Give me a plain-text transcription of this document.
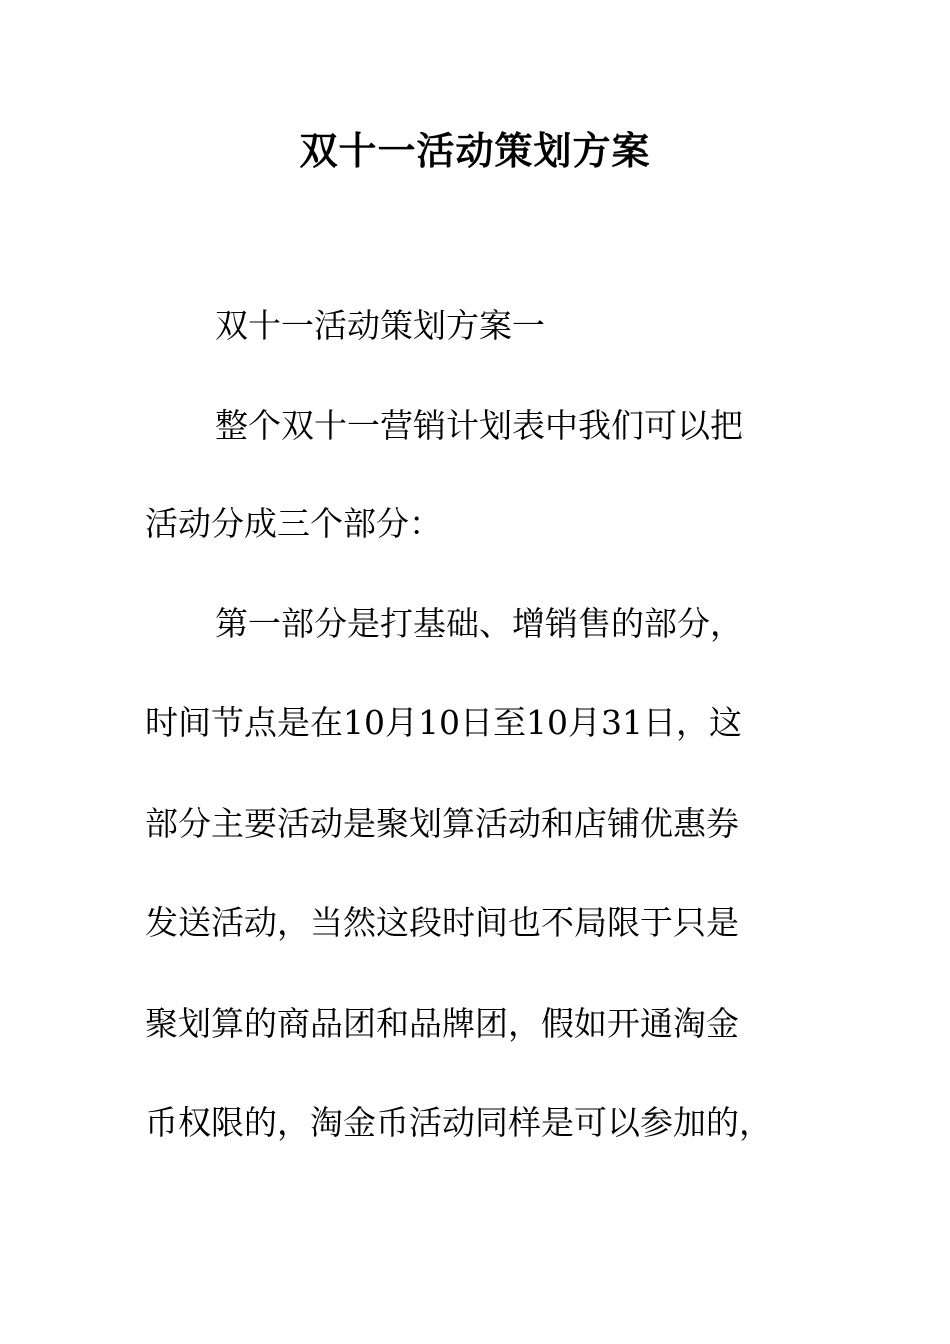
双十一活动策划方案
双十一活动策划方案一
整个双十一营销计划表中我们可以把
活动分成三个部分：
第一部分是打基础、增销售的部分，
时间节点是在10月10日至10月31日，这
部分主要活动是聚划算活动和店铺优惠券
发送活动，当然这段时间也不局限于只是
聚划算的商品团和品牌团，假如开通淘金
币权限的，淘金币活动同样是可以参加的，
